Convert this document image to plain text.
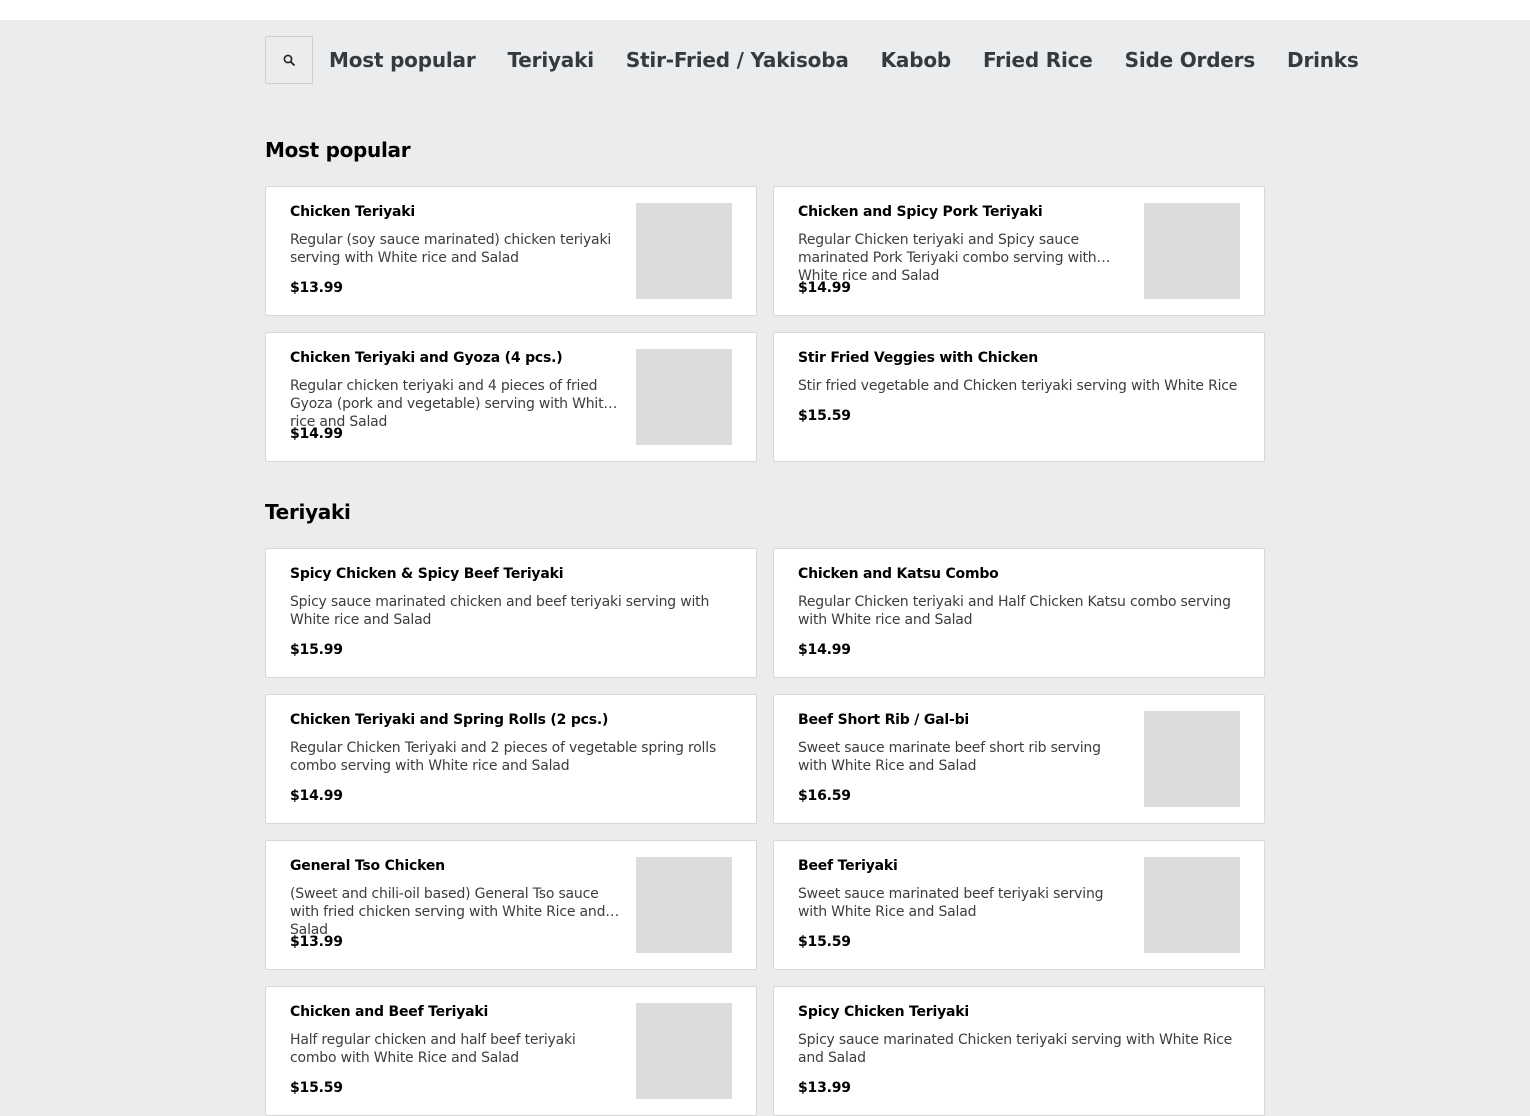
Most popular Teriyaki Stir-Fried / Yakisoba Kabob Fried Rice Side Orders Drinks
Most popular
Chicken Teriyaki
Regular (soy sauce marinated) chicken teriyaki serving with White rice and Salad
$13.99
Chicken and Spicy Pork Teriyaki
Regular Chicken teriyaki and Spicy sauce marinated Pork Teriyaki combo serving with White rice and Salad
$14.99
Chicken Teriyaki and Gyoza (4 pcs.)
Regular chicken teriyaki and 4 pieces of fried Gyoza (pork and vegetable) serving with White rice and Salad
$14.99
Stir Fried Veggies with Chicken
Stir fried vegetable and Chicken teriyaki serving with White Rice
$15.59
Teriyaki
Spicy Chicken & Spicy Beef Teriyaki
Spicy sauce marinated chicken and beef teriyaki serving with White rice and Salad
$15.99
Chicken and Katsu Combo
Regular Chicken teriyaki and Half Chicken Katsu combo serving with White rice and Salad
$14.99
Chicken Teriyaki and Spring Rolls (2 pcs.)
Regular Chicken Teriyaki and 2 pieces of vegetable spring rolls combo serving with White rice and Salad
$14.99
Beef Short Rib / Gal-bi
Sweet sauce marinate beef short rib serving with White Rice and Salad
$16.59
General Tso Chicken
(Sweet and chili-oil based) General Tso sauce with fried chicken serving with White Rice and Salad
$13.99
Beef Teriyaki
Sweet sauce marinated beef teriyaki serving with White Rice and Salad
$15.59
Chicken and Beef Teriyaki
Half regular chicken and half beef teriyaki combo with White Rice and Salad
$15.59
Spicy Chicken Teriyaki
Spicy sauce marinated Chicken teriyaki serving with White Rice and Salad
$13.99
